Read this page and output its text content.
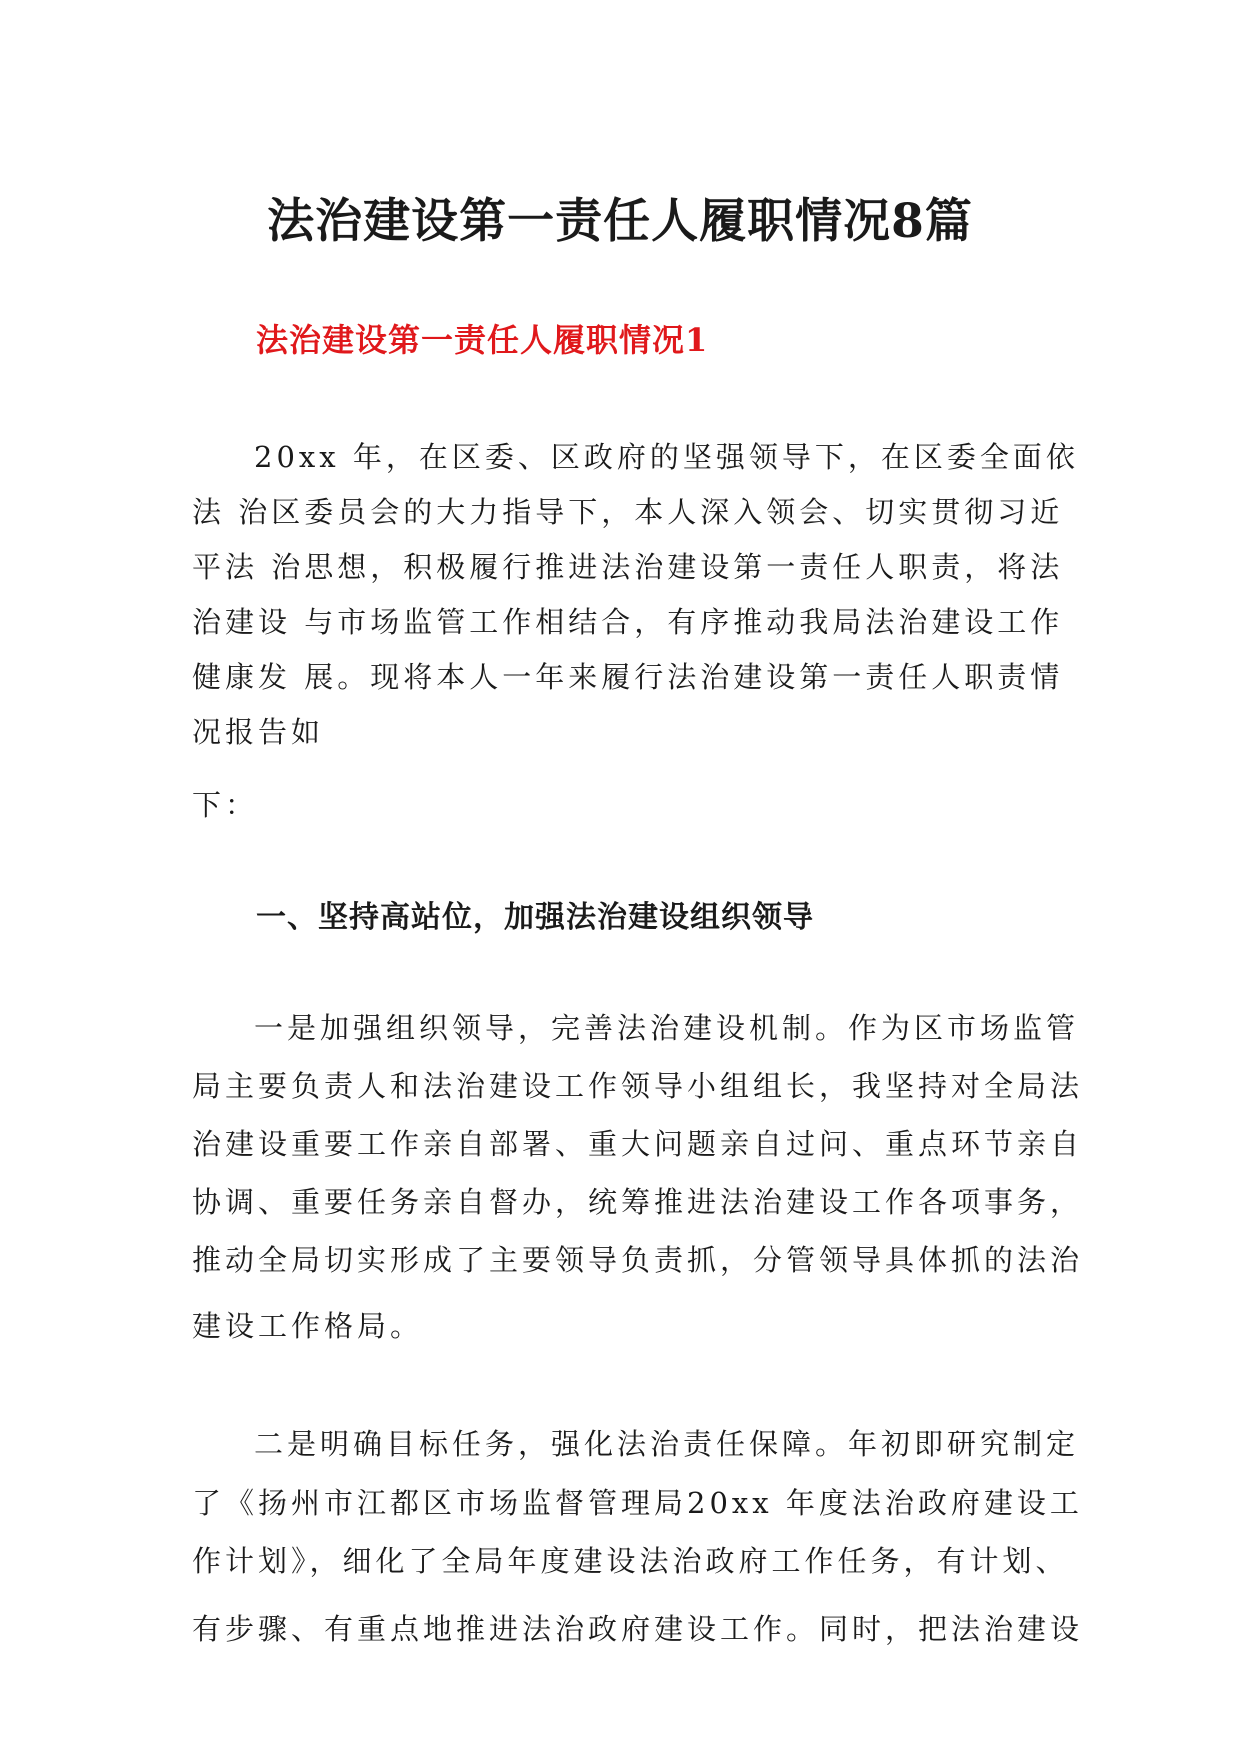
法治建设第一责任人履职情况8篇
法治建设第一责任人履职情况1

20xx 年，在区委、区政府的坚强领导下，在区委全面依

法 治区委员会的大力指导下，本人深入领会、切实贯彻习近

平法 治思想，积极履行推进法治建设第一责任人职责，将法

治建设 与市场监管工作相结合，有序推动我局法治建设工作

健康发 展。现将本人一年来履行法治建设第一责任人职责情

况报告如

下：

一、坚持高站位，加强法治建设组织领导

一是加强组织领导，完善法治建设机制。作为区市场监管

局主要负责人和法治建设工作领导小组组长，我坚持对全局法

治建设重要工作亲自部署、重大问题亲自过问、重点环节亲自

协调、重要任务亲自督办，统筹推进法治建设工作各项事务，

推动全局切实形成了主要领导负责抓，分管领导具体抓的法治

建设工作格局。

二是明确目标任务，强化法治责任保障。年初即研究制定

了《扬州市江都区市场监督管理局20xx 年度法治政府建设工

作计划》，细化了全局年度建设法治政府工作任务，有计划、

有步骤、有重点地推进法治政府建设工作。同时，把法治建设
